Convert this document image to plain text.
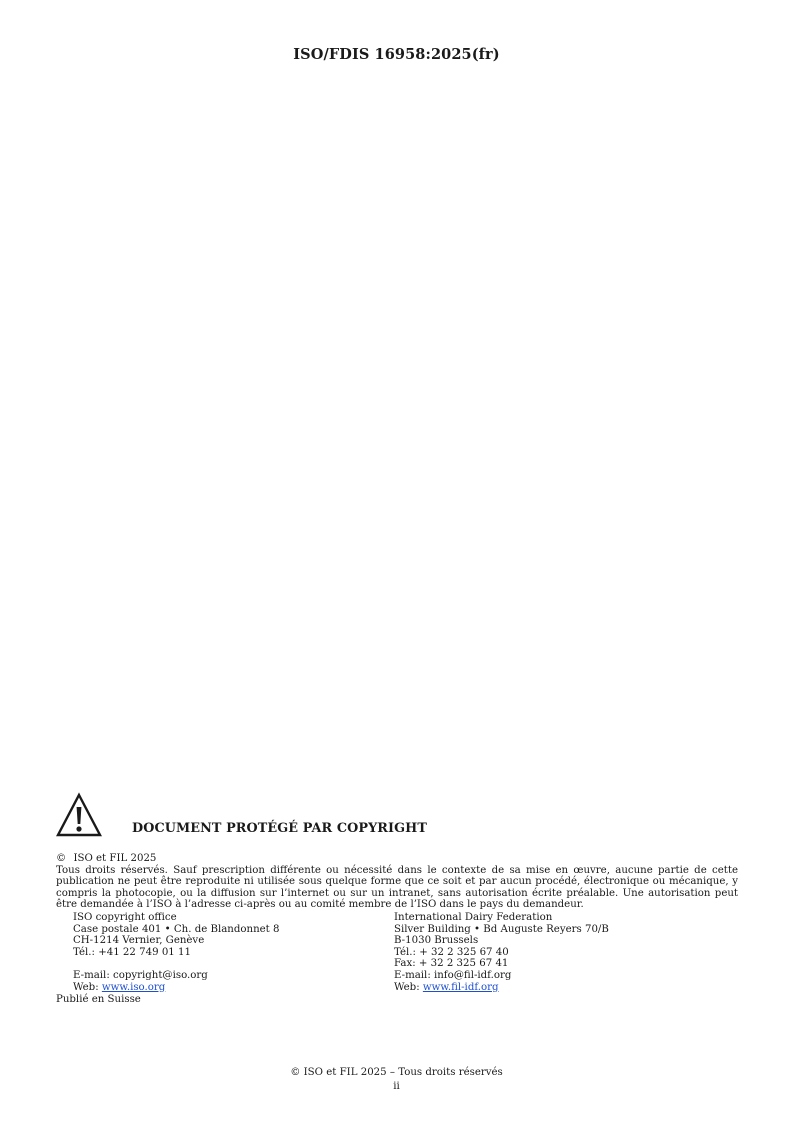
ISO/FDIS 16958:2025(fr)
DOCUMENT PROTÉGÉ PAR COPYRIGHT
© ISO et FIL 2025

Tous droits réservés. Sauf prescription différente ou nécessité dans le contexte de sa mise en œuvre, aucune partie de cette publication ne peut être reproduite ni utilisée sous quelque forme que ce soit et par aucun procédé, électronique ou mécanique, y compris la photocopie, ou la diffusion sur l’internet ou sur un intranet, sans autorisation écrite préalable. Une autorisation peut être demandée à l’ISO à l’adresse ci-après ou au comité membre de l’ISO dans le pays du demandeur.

ISO copyright office
Case postale 401 • Ch. de Blandonnet 8
CH-1214 Vernier, Genève
Tél.: +41 22 749 01 11
E-mail: copyright@iso.org
Web: www.iso.org
International Dairy Federation
Silver Building • Bd Auguste Reyers 70/B
B-1030 Brussels
Tél.: + 32 2 325 67 40
Fax: + 32 2 325 67 41
E-mail: info@fil-idf.org
Web: www.fil-idf.org
Publié en Suisse
© ISO et FIL 2025 – Tous droits réservés
ii
